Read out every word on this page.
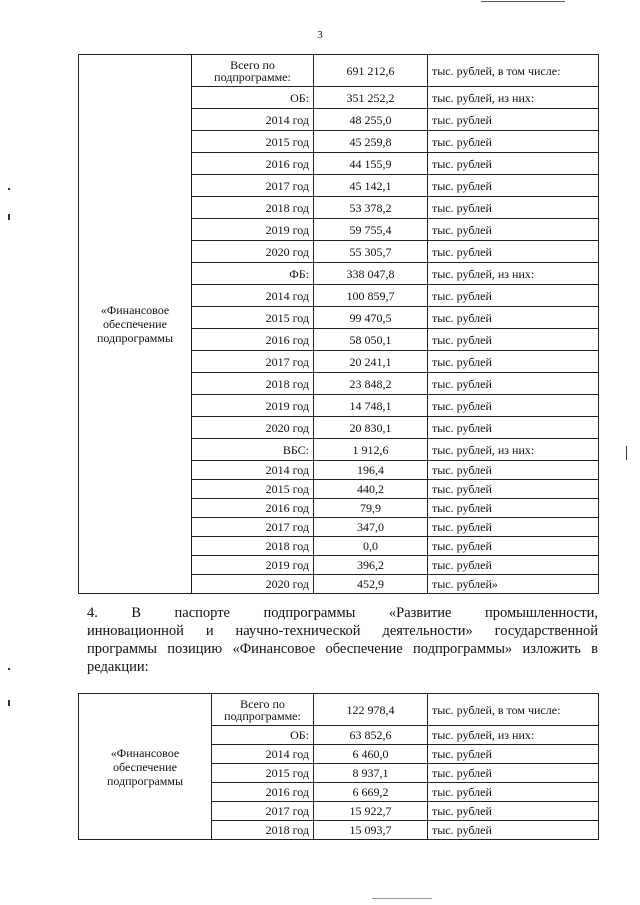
3
«Финансовое обеспечение подпрограммы	Всего по подпрограмме:	691 212,6	тыс. рублей, в том числе:
	ОБ:	351 252,2	тыс. рублей, из них:
	2014 год	48 255,0	тыс. рублей
	2015 год	45 259,8	тыс. рублей
	2016 год	44 155,9	тыс. рублей
	2017 год	45 142,1	тыс. рублей
	2018 год	53 378,2	тыс. рублей
	2019 год	59 755,4	тыс. рублей
	2020 год	55 305,7	тыс. рублей
	ФБ:	338 047,8	тыс. рублей, из них:
	2014 год	100 859,7	тыс. рублей
	2015 год	99 470,5	тыс. рублей
	2016 год	58 050,1	тыс. рублей
	2017 год	20 241,1	тыс. рублей
	2018 год	23 848,2	тыс. рублей
	2019 год	14 748,1	тыс. рублей
	2020 год	20 830,1	тыс. рублей
	ВБС:	1 912,6	тыс. рублей, из них:
	2014 год	196,4	тыс. рублей
	2015 год	440,2	тыс. рублей
	2016 год	79,9	тыс. рублей
	2017 год	347,0	тыс. рублей
	2018 год	0,0	тыс. рублей
	2019 год	396,2	тыс. рублей
	2020 год	452,9	тыс. рублей»
4. В паспорте подпрограммы «Развитие промышленности,
инновационной и научно-технической деятельности» государственной
программы позицию «Финансовое обеспечение подпрограммы» изложить в
редакции:
«Финансовое обеспечение подпрограммы	Всего по подпрограмме:	122 978,4	тыс. рублей, в том числе:
	ОБ:	63 852,6	тыс. рублей, из них:
	2014 год	6 460,0	тыс. рублей
	2015 год	8 937,1	тыс. рублей
	2016 год	6 669,2	тыс. рублей
	2017 год	15 922,7	тыс. рублей
	2018 год	15 093,7	тыс. рублей
